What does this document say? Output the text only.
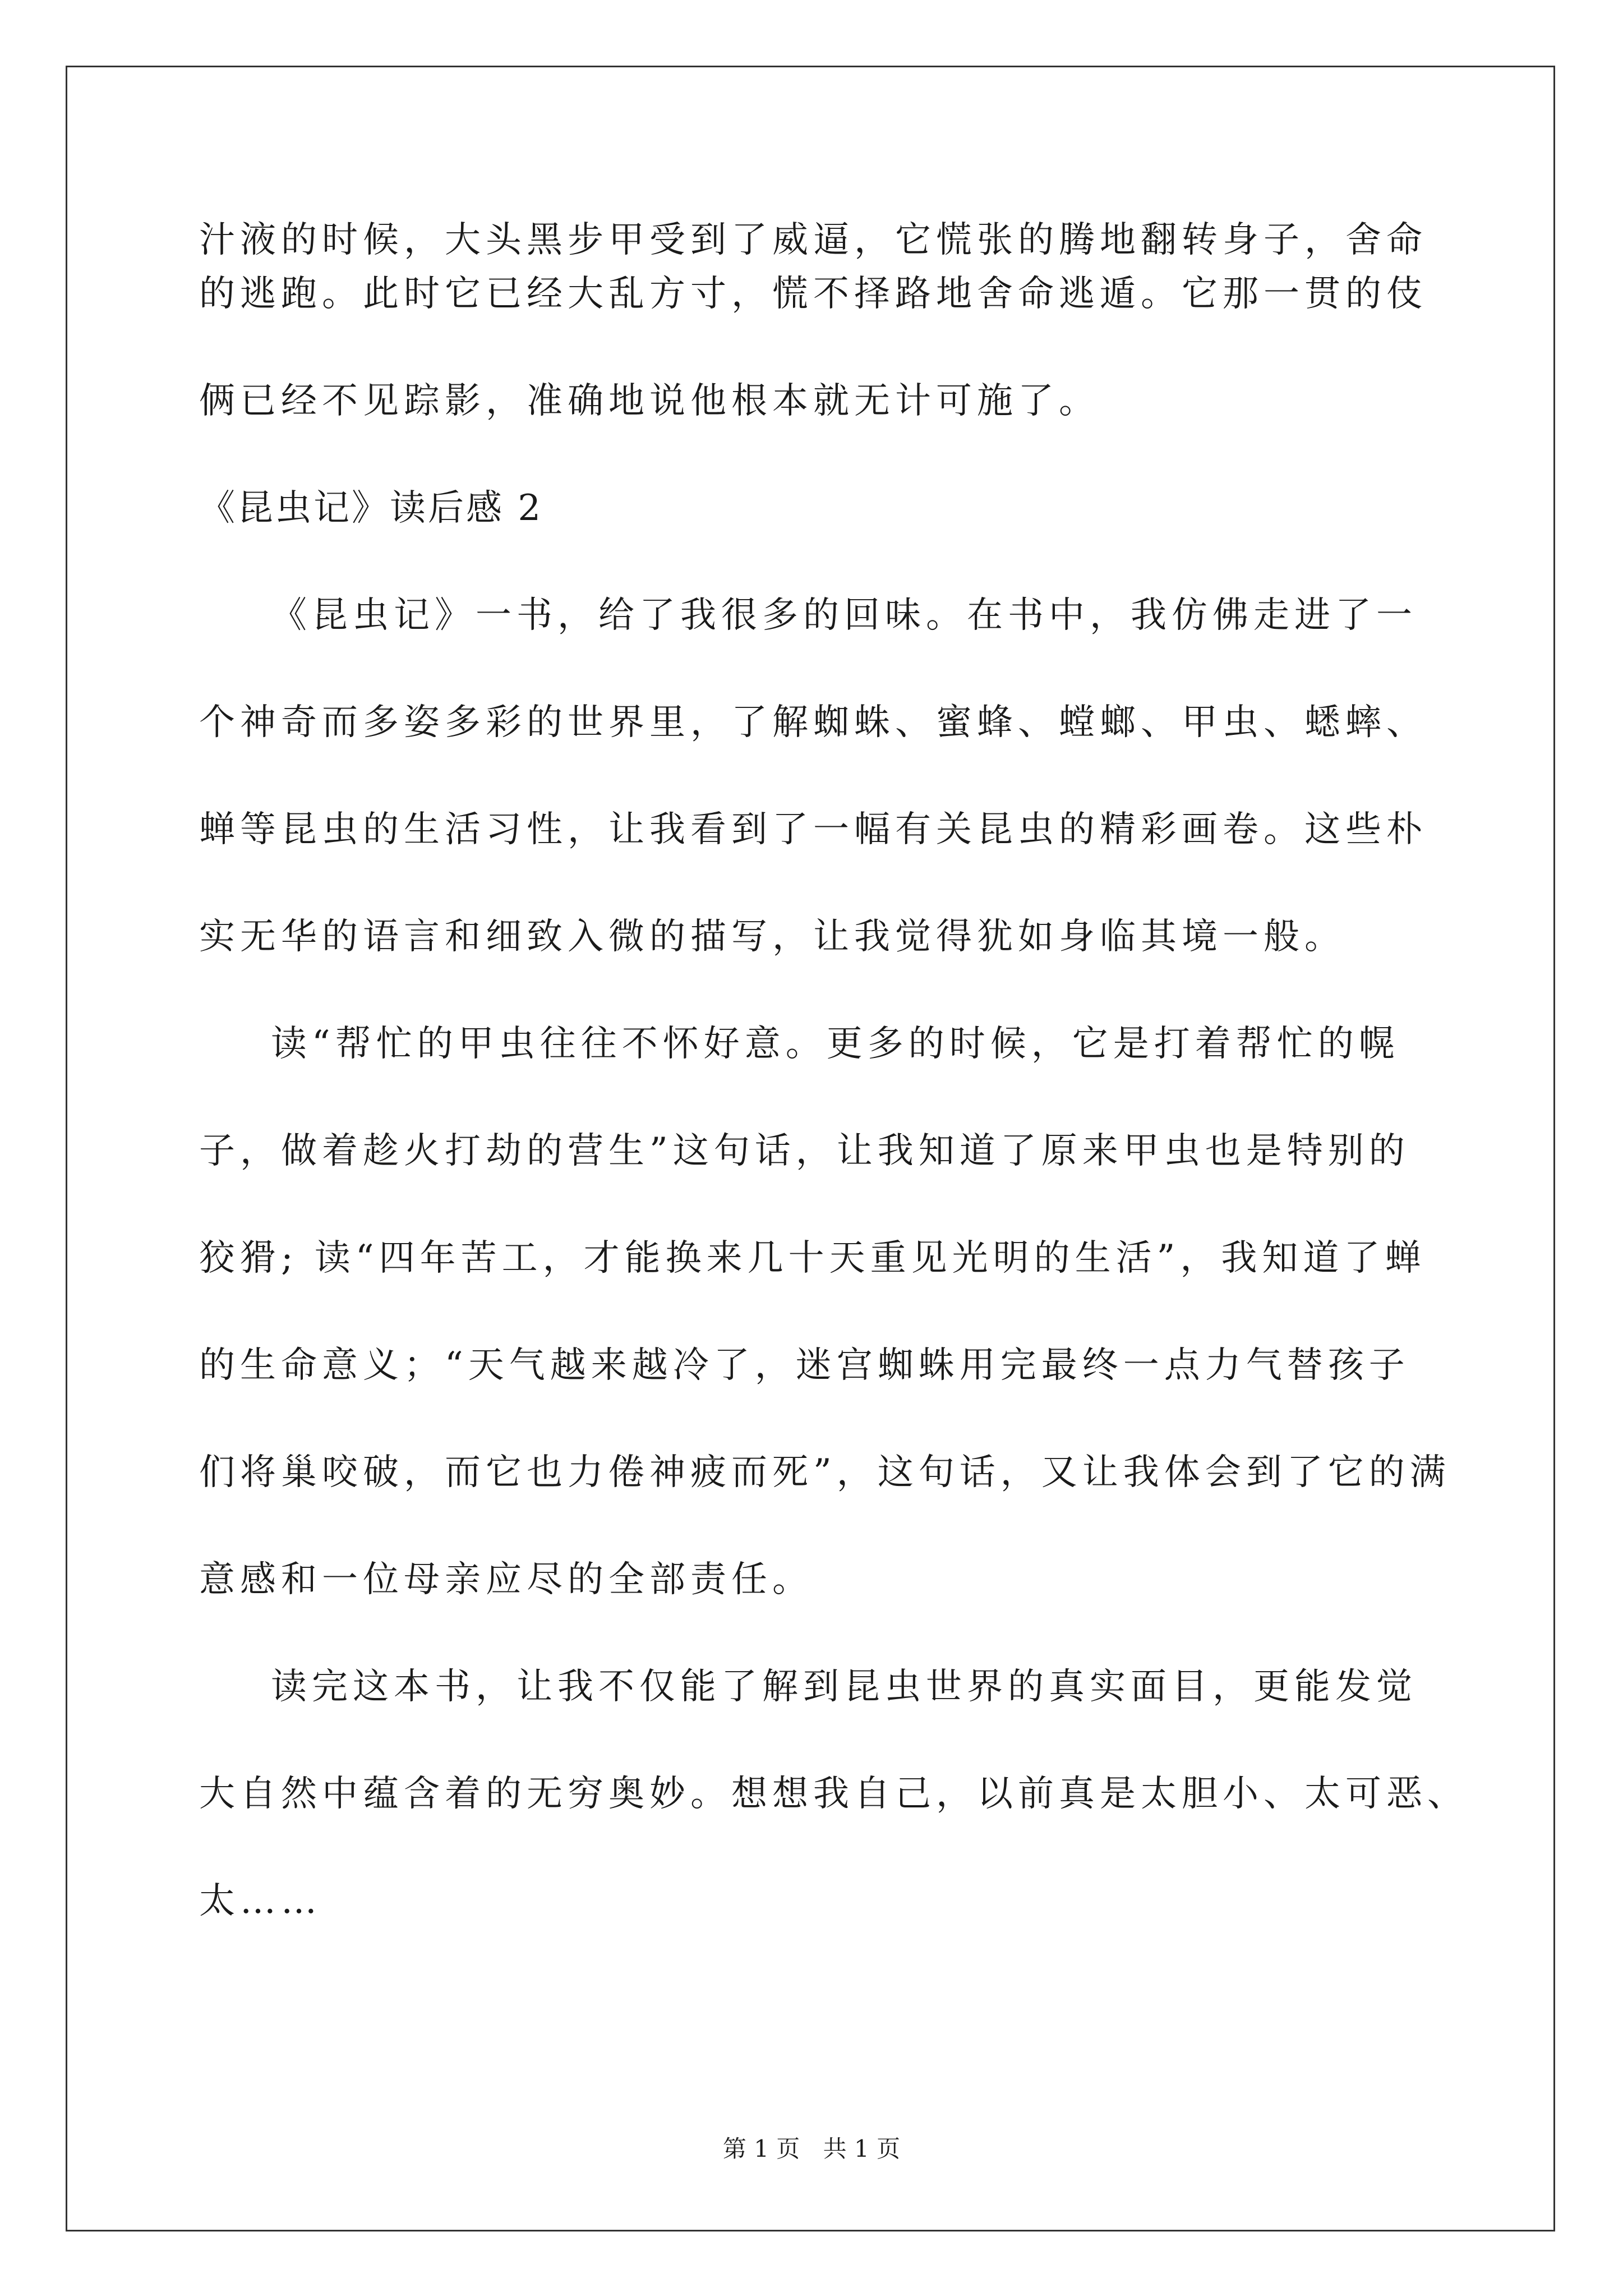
汁液的时候，大头黑步甲受到了威逼，它慌张的腾地翻转身子，舍命
的逃跑。此时它已经大乱方寸，慌不择路地舍命逃遁。它那一贯的伎
俩已经不见踪影，准确地说他根本就无计可施了。
《昆虫记》读后感 2
《昆虫记》一书，给了我很多的回味。在书中，我仿佛走进了一
个神奇而多姿多彩的世界里，了解蜘蛛、蜜蜂、螳螂、甲虫、蟋蟀、
蝉等昆虫的生活习性，让我看到了一幅有关昆虫的精彩画卷。这些朴
实无华的语言和细致入微的描写，让我觉得犹如身临其境一般。
读“帮忙的甲虫往往不怀好意。更多的时候，它是打着帮忙的幌
子，做着趁火打劫的营生”这句话，让我知道了原来甲虫也是特别的
狡猾; 读“四年苦工，才能换来几十天重见光明的生活”，我知道了蝉
的生命意义；“天气越来越冷了，迷宫蜘蛛用完最终一点力气替孩子
们将巢咬破，而它也力倦神疲而死”，这句话，又让我体会到了它的满
意感和一位母亲应尽的全部责任。
读完这本书，让我不仅能了解到昆虫世界的真实面目，更能发觉
大自然中蕴含着的无穷奥妙。想想我自己，以前真是太胆小、太可恶、
太……
第 1 页 共 1 页
